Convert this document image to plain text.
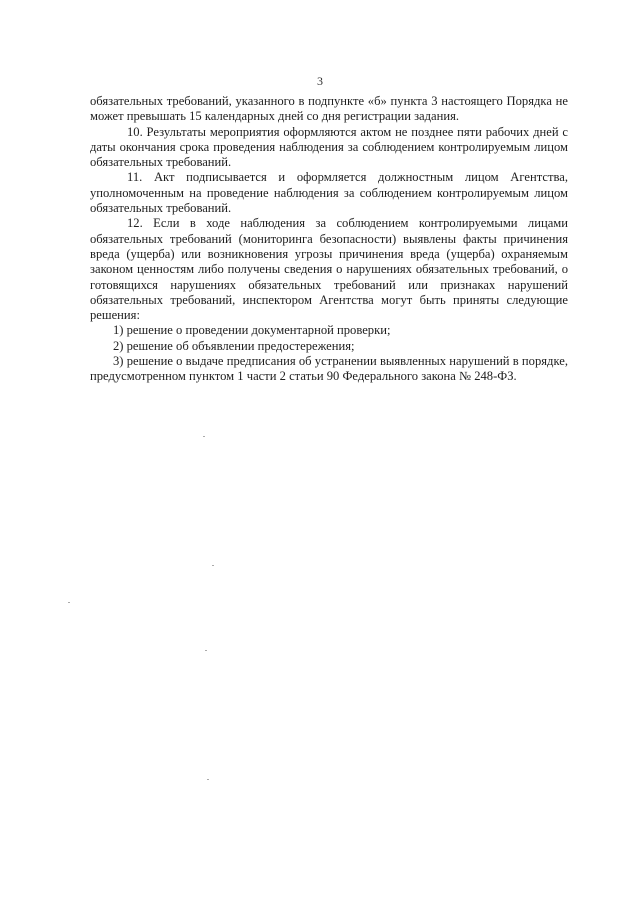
3

обязательных требований, указанного в подпункте «б» пункта 3 настоящего Порядка не может превышать 15 календарных дней со дня регистрации задания.

10. Результаты мероприятия оформляются актом не позднее пяти рабочих дней с даты окончания срока проведения наблюдения за соблюдением контролируемым лицом обязательных требований.

11. Акт подписывается и оформляется должностным лицом Агентства, уполномоченным на проведение наблюдения за соблюдением контролируемым лицом обязательных требований.

12. Если в ходе наблюдения за соблюдением контролируемыми лицами обязательных требований (мониторинга безопасности) выявлены факты причинения вреда (ущерба) или возникновения угрозы причинения вреда (ущерба) охраняемым законом ценностям либо получены сведения о нарушениях обязательных требований, о готовящихся нарушениях обязательных требований или признаках нарушений обязательных требований, инспектором Агентства могут быть приняты следующие решения:

1) решение о проведении документарной проверки;

2) решение об объявлении предостережения;

3) решение о выдаче предписания об устранении выявленных нарушений в порядке, предусмотренном пунктом 1 части 2 статьи 90 Федерального закона № 248-ФЗ.
